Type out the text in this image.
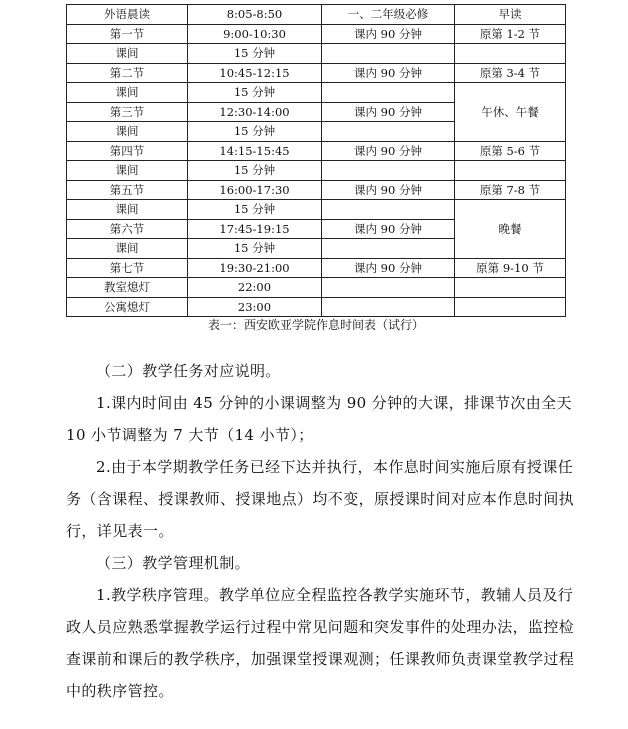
外语晨读	8:05-8:50	一、二年级必修	早读
第一节	9:00-10:30	课内 90 分钟	原第 1-2 节
课间	15 分钟		
第二节	10:45-12:15	课内 90 分钟	原第 3-4 节
课间	15 分钟		午休、午餐
第三节	12:30-14:00	课内 90 分钟	
课间	15 分钟		
第四节	14:15-15:45	课内 90 分钟	原第 5-6 节
课间	15 分钟		
第五节	16:00-17:30	课内 90 分钟	原第 7-8 节
课间	15 分钟		晚餐
第六节	17:45-19:15	课内 90 分钟	
课间	15 分钟		
第七节	19:30-21:00	课内 90 分钟	原第 9-10 节
教室熄灯	22:00		
公寓熄灯	23:00		
表一：西安欧亚学院作息时间表（试行）

（二）教学任务对应说明。

1.课内时间由 45 分钟的小课调整为 90 分钟的大课，排课节次由全天 10 小节调整为 7 大节（14 小节）；

2.由于本学期教学任务已经下达并执行，本作息时间实施后原有授课任务（含课程、授课教师、授课地点）均不变，原授课时间对应本作息时间执行，详见表一。

（三）教学管理机制。

1.教学秩序管理。教学单位应全程监控各教学实施环节，教辅人员及行政人员应熟悉掌握教学运行过程中常见问题和突发事件的处理办法，监控检查课前和课后的教学秩序，加强课堂授课观测；任课教师负责课堂教学过程中的秩序管控。
